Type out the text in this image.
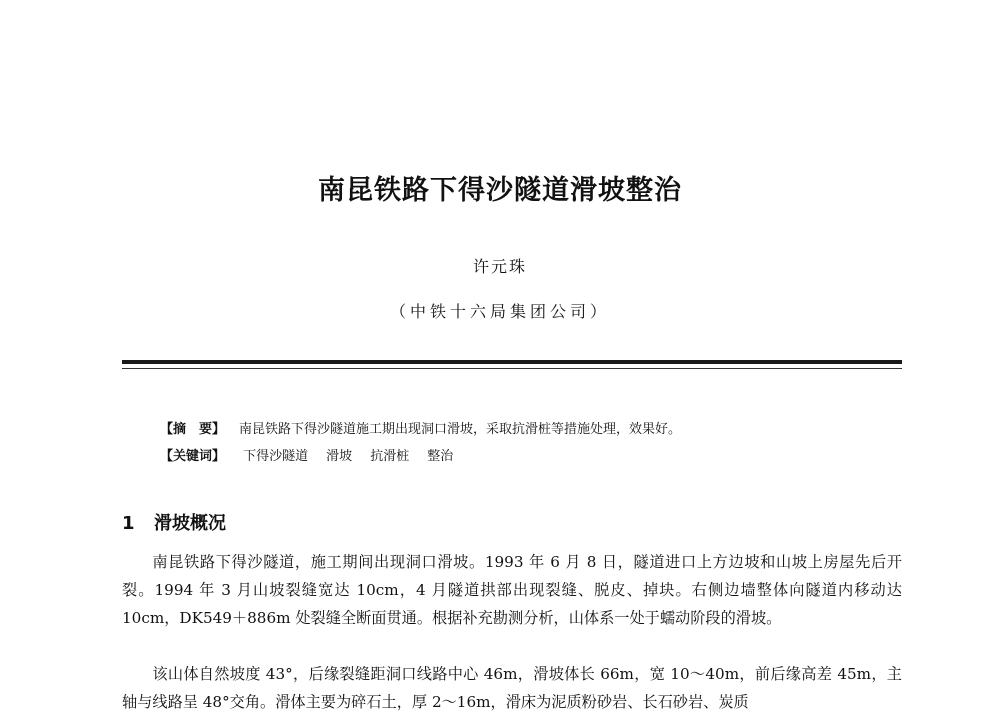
南昆铁路下得沙隧道滑坡整治
许元珠
（中铁十六局集团公司）
【摘　要】 南昆铁路下得沙隧道施工期出现洞口滑坡，采取抗滑桩等措施处理，效果好。
【关键词】 下得沙隧道 滑坡 抗滑桩 整治
1 滑坡概况

南昆铁路下得沙隧道，施工期间出现洞口滑坡。1993 年 6 月 8 日，隧道进口上方边坡和山坡上房屋先后开裂。1994 年 3 月山坡裂缝宽达 10cm，4 月隧道拱部出现裂缝、脱皮、掉块。右侧边墙整体向隧道内移动达 10cm，DK549＋886m 处裂缝全断面贯通。根据补充勘测分析，山体系一处于蠕动阶段的滑坡。

该山体自然坡度 43°，后缘裂缝距洞口线路中心 46m，滑坡体长 66m，宽 10～40m，前后缘高差 45m，主轴与线路呈 48°交角。滑体主要为碎石土，厚 2～16m，滑床为泥质粉砂岩、长石砂岩、炭质
